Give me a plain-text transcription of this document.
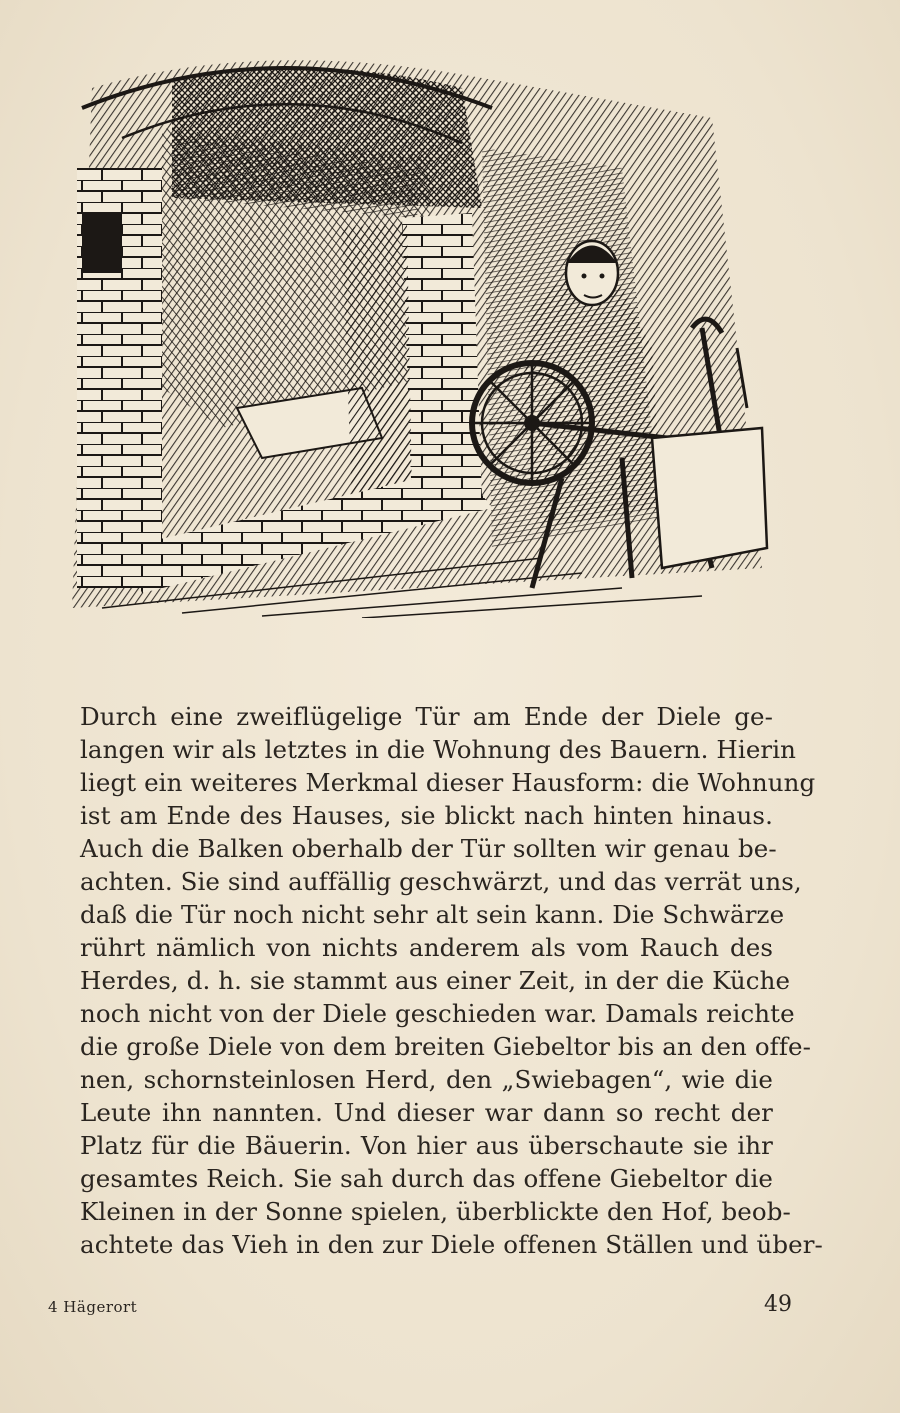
Durch eine zweiflügelige Tür am Ende der Diele ge-
langen wir als letztes in die Wohnung des Bauern. Hierin
liegt ein weiteres Merkmal dieser Hausform: die Wohnung
ist am Ende des Hauses, sie blickt nach hinten hinaus.
Auch die Balken oberhalb der Tür sollten wir genau be-
achten. Sie sind auffällig geschwärzt, und das verrät uns,
daß die Tür noch nicht sehr alt sein kann. Die Schwärze
rührt nämlich von nichts anderem als vom Rauch des
Herdes, d. h. sie stammt aus einer Zeit, in der die Küche
noch nicht von der Diele geschieden war. Damals reichte
die große Diele von dem breiten Giebeltor bis an den offe-
nen, schornsteinlosen Herd, den „Swiebagen“, wie die
Leute ihn nannten. Und dieser war dann so recht der
Platz für die Bäuerin. Von hier aus überschaute sie ihr
gesamtes Reich. Sie sah durch das offene Giebeltor die
Kleinen in der Sonne spielen, überblickte den Hof, beob-
achtete das Vieh in den zur Diele offenen Ställen und über-
4 Hägerort	49
